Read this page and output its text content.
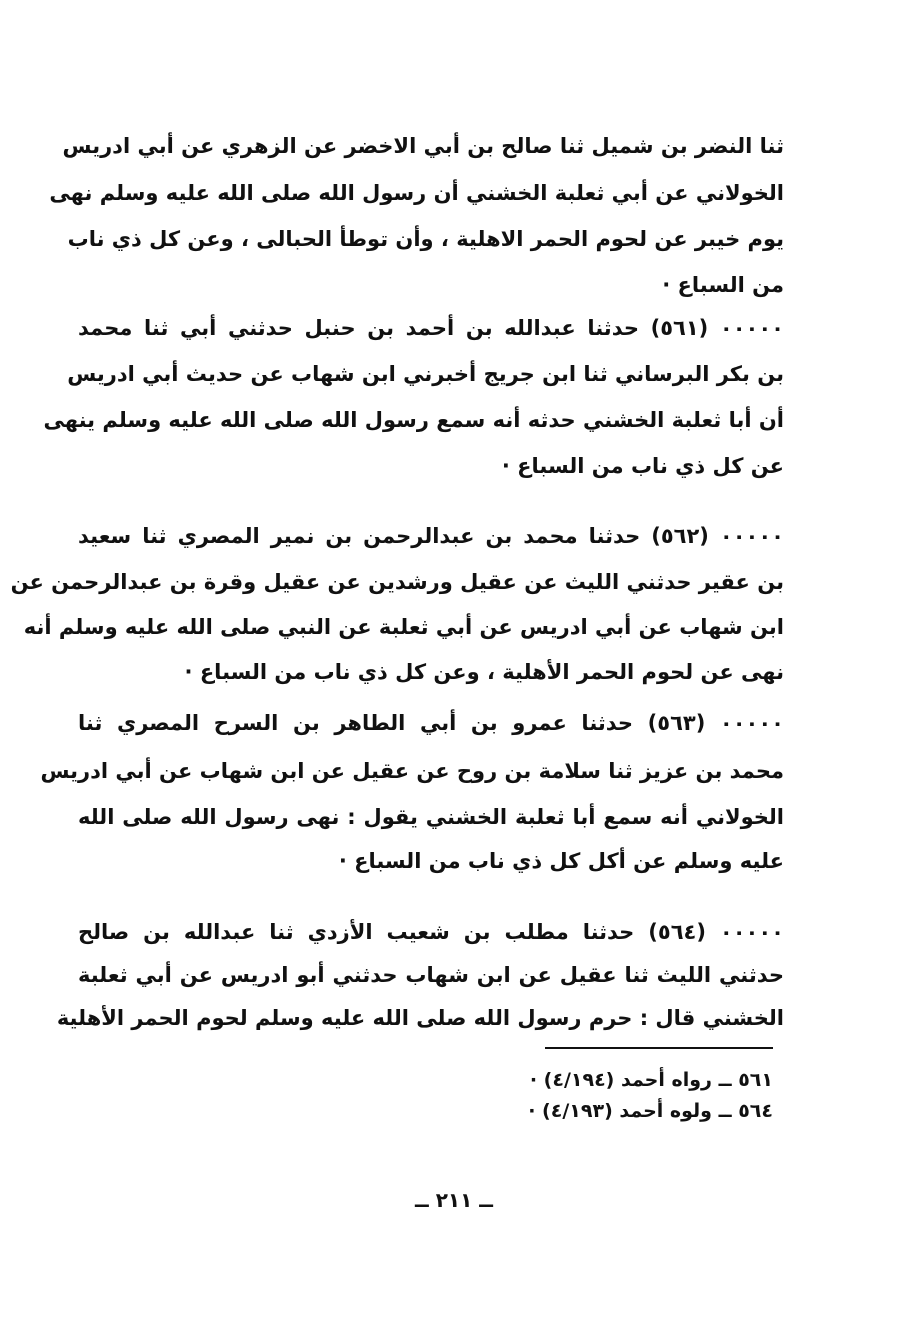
ثنا النضر بن شميل ثنا صالح بن أبي الاخضر عن الزهري عن أبي ادريس
الخولاني عن أبي ثعلبة الخشني أن رسول الله صلى الله عليه وسلم نهى
يوم خيبر عن لحوم الحمر الاهلية ، وأن توطأ الحبالى ، وعن كل ذي ناب
من السباع ·
٠٠٠٠٠ (٥٦١) حدثنا عبدالله بن أحمد بن حنبل حدثني أبي ثنا محمد
بن بكر البرساني ثنا ابن جريج أخبرني ابن شهاب عن حديث أبي ادريس
أن أبا ثعلبة الخشني حدثه أنه سمع رسول الله صلى الله عليه وسلم ينهى
عن كل ذي ناب من السباع ·
٠٠٠٠٠ (٥٦٢) حدثنا محمد بن عبدالرحمن بن نمير المصري ثنا سعيد
بن عقير حدثني الليث عن عقيل ورشدين عن عقيل وقرة بن عبدالرحمن عن
ابن شهاب عن أبي ادريس عن أبي ثعلبة عن النبي صلى الله عليه وسلم أنه
نهى عن لحوم الحمر الأهلية ، وعن كل ذي ناب من السباع ·
٠٠٠٠٠ (٥٦٣) حدثنا عمرو بن أبي الطاهر بن السرح المصري ثنا
محمد بن عزيز ثنا سلامة بن روح عن عقيل عن ابن شهاب عن أبي ادريس
الخولاني أنه سمع أبا ثعلبة الخشني يقول : نهى رسول الله صلى الله
عليه وسلم عن أكل كل ذي ناب من السباع ·
٠٠٠٠٠ (٥٦٤) حدثنا مطلب بن شعيب الأزدي ثنا عبدالله بن صالح
حدثني الليث ثنا عقيل عن ابن شهاب حدثني أبو ادريس عن أبي ثعلبة
الخشني قال : حرم رسول الله صلى الله عليه وسلم لحوم الحمر الأهلية
٥٦١ ــ رواه أحمد (٤/١٩٤) ·
٥٦٤ ــ ولوه أحمد (٤/١٩٣) ·
ــ ٢١١ ــ
